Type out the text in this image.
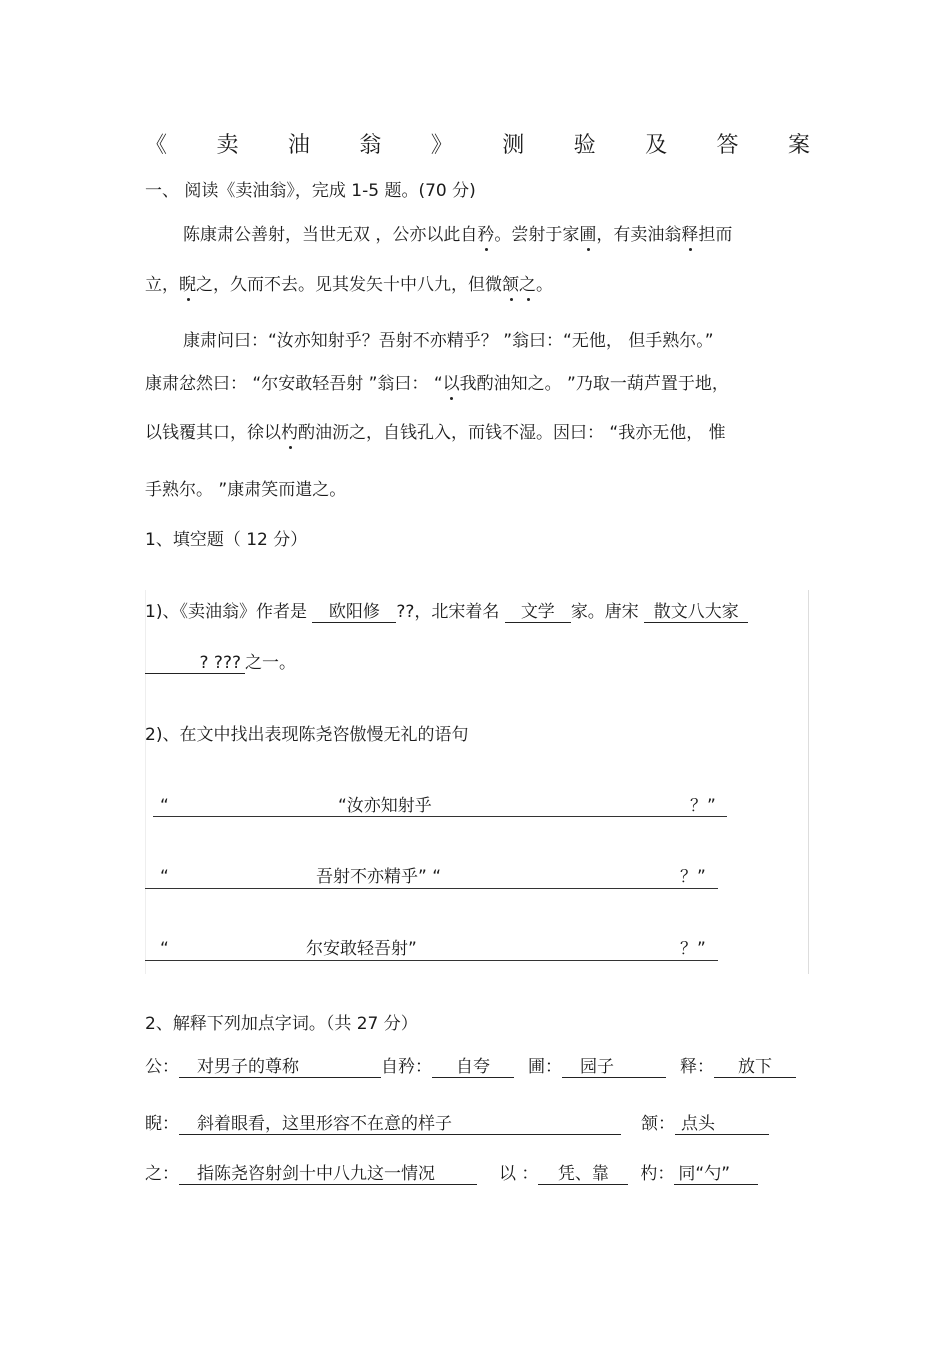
《 卖 油 翁 》 测 验 及 答 案
一、 阅读《卖油翁》，完成 1-5 题。(70 分)
陈康肃公善射，当世无双 ，公亦以此自矜。尝射于家圃，有卖油翁释担而
立，睨之，久而不去。见其发矢十中八九，但微颔之。
康肃问曰：“汝亦知射乎？吾射不亦精乎？ ”翁曰：“无他， 但手熟尔。”
康肃忿然曰： “尔安敢轻吾射 ”翁曰： “以我酌油知之。 ”乃取一葫芦置于地，
以钱覆其口，徐以杓酌油沥之，自钱孔入，而钱不湿。因曰： “我亦无他， 惟
手熟尔。 ”康肃笑而遣之。
1、填空题（ 12 分）
1)、《卖油翁》作者是 欧阳修 ??，北宋着名 文学 家。唐宋 散文八大家
? ??? 之一。
2)、在文中找出表现陈尧咨傲慢无礼的语句
“	“汝亦知射乎	？”
“	吾射不亦精乎” “	？”
“	尔安敢轻吾射”	？”
2、解释下列加点字词。（共 27 分）
公： 对男子的尊称	自矜： 自夸 圃： 园子	释： 放下
睨： 斜着眼看，这里形容不在意的样子	颔： 点头
之： 指陈尧咨射剑十中八九这一情况	以 ： 凭、靠 杓： 同“勺”
